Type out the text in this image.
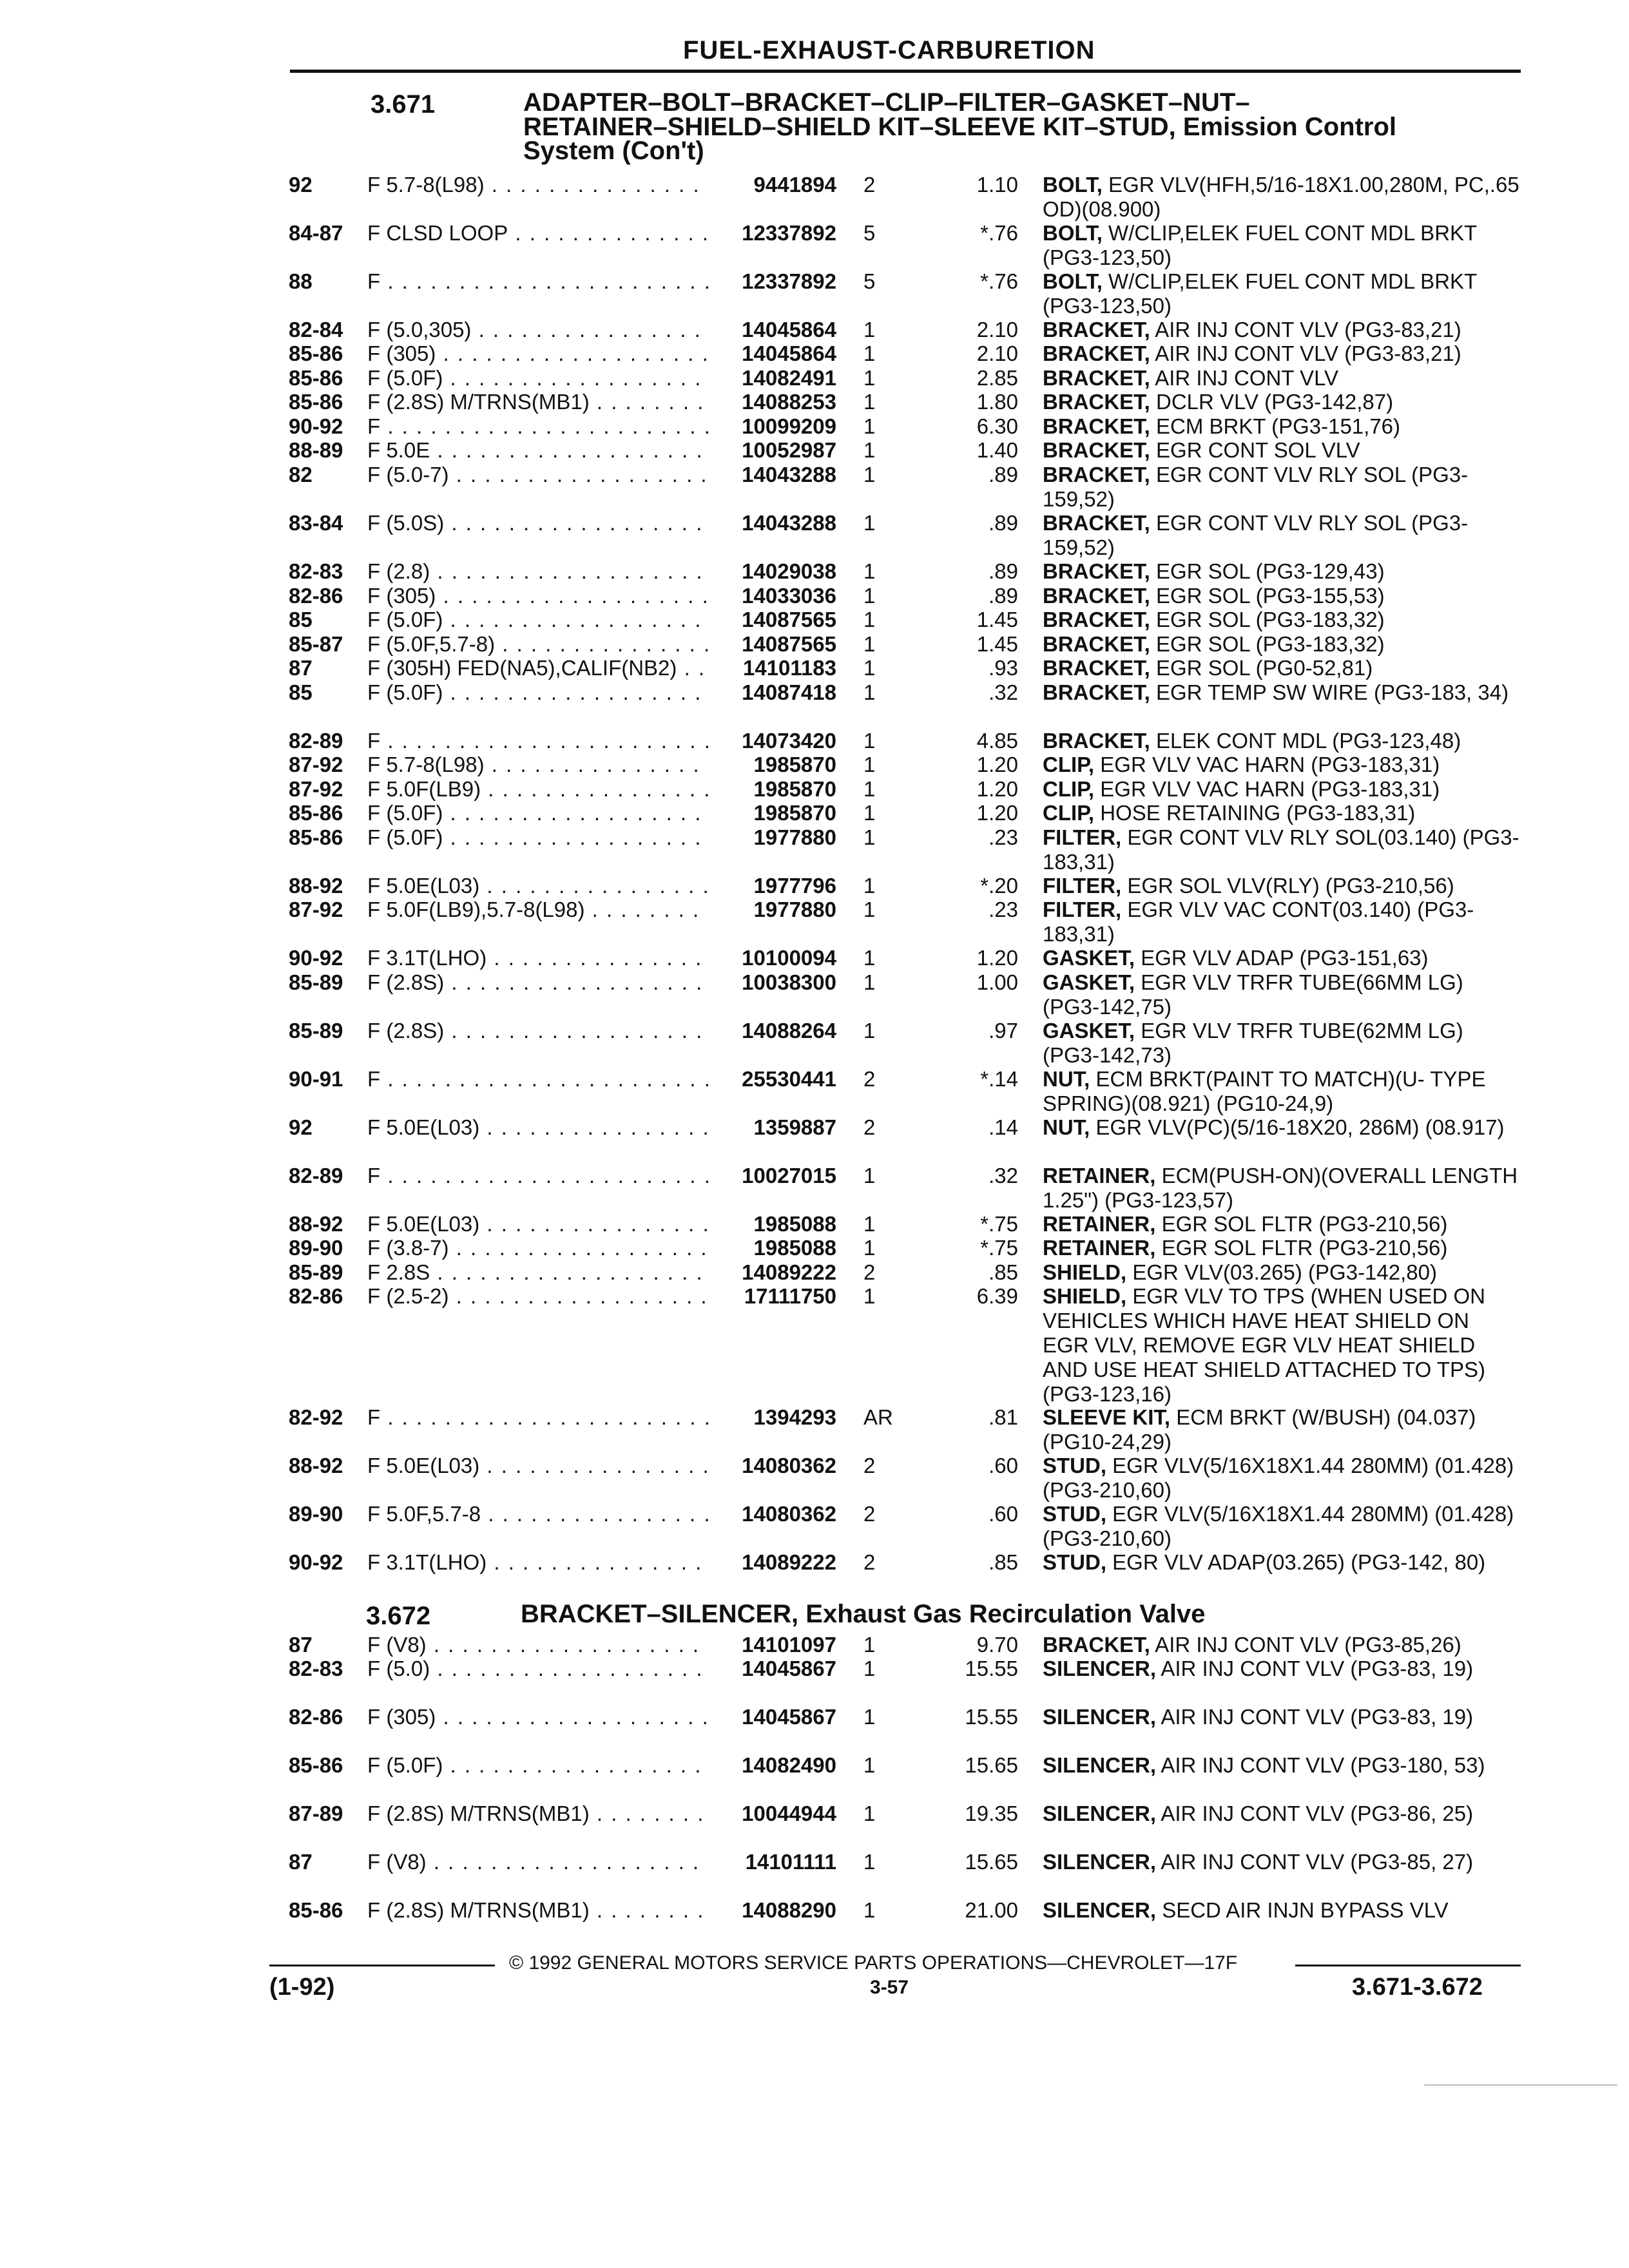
FUEL-EXHAUST-CARBURETION
3.671	ADAPTER–BOLT–BRACKET–CLIP–FILTER–GASKET–NUT–
RETAINER–SHIELD–SHIELD KIT–SLEEVE KIT–STUD, Emission Control
System (Con't)
92	F 5.7-8(L98) . . .	9441894 2	1.10 BOLT, EGR VLV(HFH,5/16-18X1.00,280M, PC,.65 OD)(08.900)
84-87 F CLSD LOOP . . .	12337892 5	*.76 BOLT, W/CLIP,ELEK FUEL CONT MDL BRKT (PG3-123,50)
88	F . . .	12337892 5	*.76 BOLT, W/CLIP,ELEK FUEL CONT MDL BRKT (PG3-123,50)
82-84 F (5.0,305) . . .	14045864 1	2.10 BRACKET, AIR INJ CONT VLV (PG3-83,21)
85-86 F (305) . . .	14045864 1	2.10 BRACKET, AIR INJ CONT VLV (PG3-83,21)
85-86 F (5.0F) . . .	14082491 1	2.85 BRACKET, AIR INJ CONT VLV
85-86 F (2.8S) M/TRNS(MB1) . . .	14088253 1	1.80 BRACKET, DCLR VLV (PG3-142,87)
90-92 F . . .	10099209 1	6.30 BRACKET, ECM BRKT (PG3-151,76)
88-89 F 5.0E . . .	10052987 1	1.40 BRACKET, EGR CONT SOL VLV
82	F (5.0-7) . . .	14043288 1	.89 BRACKET, EGR CONT VLV RLY SOL (PG3- 159,52)
83-84 F (5.0S) . . .	14043288 1	.89 BRACKET, EGR CONT VLV RLY SOL (PG3- 159,52)
82-83 F (2.8) . . .	14029038 1	.89 BRACKET, EGR SOL (PG3-129,43)
82-86 F (305) . . .	14033036 1	.89 BRACKET, EGR SOL (PG3-155,53)
85	F (5.0F) . . .	14087565 1	1.45 BRACKET, EGR SOL (PG3-183,32)
85-87 F (5.0F,5.7-8) . . .	14087565 1	1.45 BRACKET, EGR SOL (PG3-183,32)
87	F (305H) FED(NA5),CALIF(NB2) . . .	14101183 1	.93 BRACKET, EGR SOL (PG0-52,81)
85	F (5.0F) . . .	14087418 1	.32 BRACKET, EGR TEMP SW WIRE (PG3-183, 34)
82-89 F . . .	14073420 1	4.85 BRACKET, ELEK CONT MDL (PG3-123,48)
87-92 F 5.7-8(L98) . . .	1985870 1	1.20 CLIP, EGR VLV VAC HARN (PG3-183,31)
87-92 F 5.0F(LB9) . . .	1985870 1	1.20 CLIP, EGR VLV VAC HARN (PG3-183,31)
85-86 F (5.0F) . . .	1985870 1	1.20 CLIP, HOSE RETAINING (PG3-183,31)
85-86 F (5.0F) . . .	1977880 1	.23 FILTER, EGR CONT VLV RLY SOL(03.140) (PG3-183,31)
88-92 F 5.0E(L03) . . .	1977796 1	*.20 FILTER, EGR SOL VLV(RLY) (PG3-210,56)
87-92 F 5.0F(LB9),5.7-8(L98) . . .	1977880 1	.23 FILTER, EGR VLV VAC CONT(03.140) (PG3-183,31)
90-92 F 3.1T(LHO) . . .	10100094 1	1.20 GASKET, EGR VLV ADAP (PG3-151,63)
85-89 F (2.8S) . . .	10038300 1	1.00 GASKET, EGR VLV TRFR TUBE(66MM LG) (PG3-142,75)
85-89 F (2.8S) . . .	14088264 1	.97 GASKET, EGR VLV TRFR TUBE(62MM LG) (PG3-142,73)
90-91 F . . .	25530441 2	*.14 NUT, ECM BRKT(PAINT TO MATCH)(U- TYPE SPRING)(08.921) (PG10-24,9)
92	F 5.0E(L03) . . .	1359887 2	.14 NUT, EGR VLV(PC)(5/16-18X20, 286M) (08.917)
82-89 F . . .	10027015 1	.32 RETAINER, ECM(PUSH-ON)(OVERALL LENGTH 1.25") (PG3-123,57)
88-92 F 5.0E(L03) . . .	1985088 1	*.75 RETAINER, EGR SOL FLTR (PG3-210,56)
89-90 F (3.8-7) . . .	1985088 1	*.75 RETAINER, EGR SOL FLTR (PG3-210,56)
85-89 F 2.8S . . .	14089222 2	.85 SHIELD, EGR VLV(03.265) (PG3-142,80)
82-86 F (2.5-2) . . .	17111750 1	6.39 SHIELD, EGR VLV TO TPS (WHEN USED ON VEHICLES WHICH HAVE HEAT SHIELD ON EGR VLV, REMOVE EGR VLV HEAT SHIELD AND USE HEAT SHIELD ATTACHED TO TPS) (PG3-123,16)
82-92 F . . .	1394293 AR	.81 SLEEVE KIT, ECM BRKT (W/BUSH) (04.037) (PG10-24,29)
88-92 F 5.0E(L03) . . .	14080362 2	.60 STUD, EGR VLV(5/16X18X1.44 280MM) (01.428) (PG3-210,60)
89-90 F 5.0F,5.7-8 . . .	14080362 2	.60 STUD, EGR VLV(5/16X18X1.44 280MM) (01.428) (PG3-210,60)
90-92 F 3.1T(LHO) . . .	14089222 2	.85 STUD, EGR VLV ADAP(03.265) (PG3-142, 80)
3.672	BRACKET–SILENCER, Exhaust Gas Recirculation Valve
87	F (V8) . . .	14101097 1	9.70 BRACKET, AIR INJ CONT VLV (PG3-85,26)
82-83 F (5.0) . . .	14045867 1	15.55 SILENCER, AIR INJ CONT VLV (PG3-83, 19)
82-86 F (305) . . .	14045867 1	15.55 SILENCER, AIR INJ CONT VLV (PG3-83, 19)
85-86 F (5.0F) . . .	14082490 1	15.65 SILENCER, AIR INJ CONT VLV (PG3-180, 53)
87-89 F (2.8S) M/TRNS(MB1) . . .	10044944 1	19.35 SILENCER, AIR INJ CONT VLV (PG3-86, 25)
87	F (V8) . . .	14101111 1	15.65 SILENCER, AIR INJ CONT VLV (PG3-85, 27)
85-86 F (2.8S) M/TRNS(MB1) . . .	14088290 1	21.00 SILENCER, SECD AIR INJN BYPASS VLV
© 1992 GENERAL MOTORS SERVICE PARTS OPERATIONS—CHEVROLET—17F
(1-92)	3-57	3.671-3.672
